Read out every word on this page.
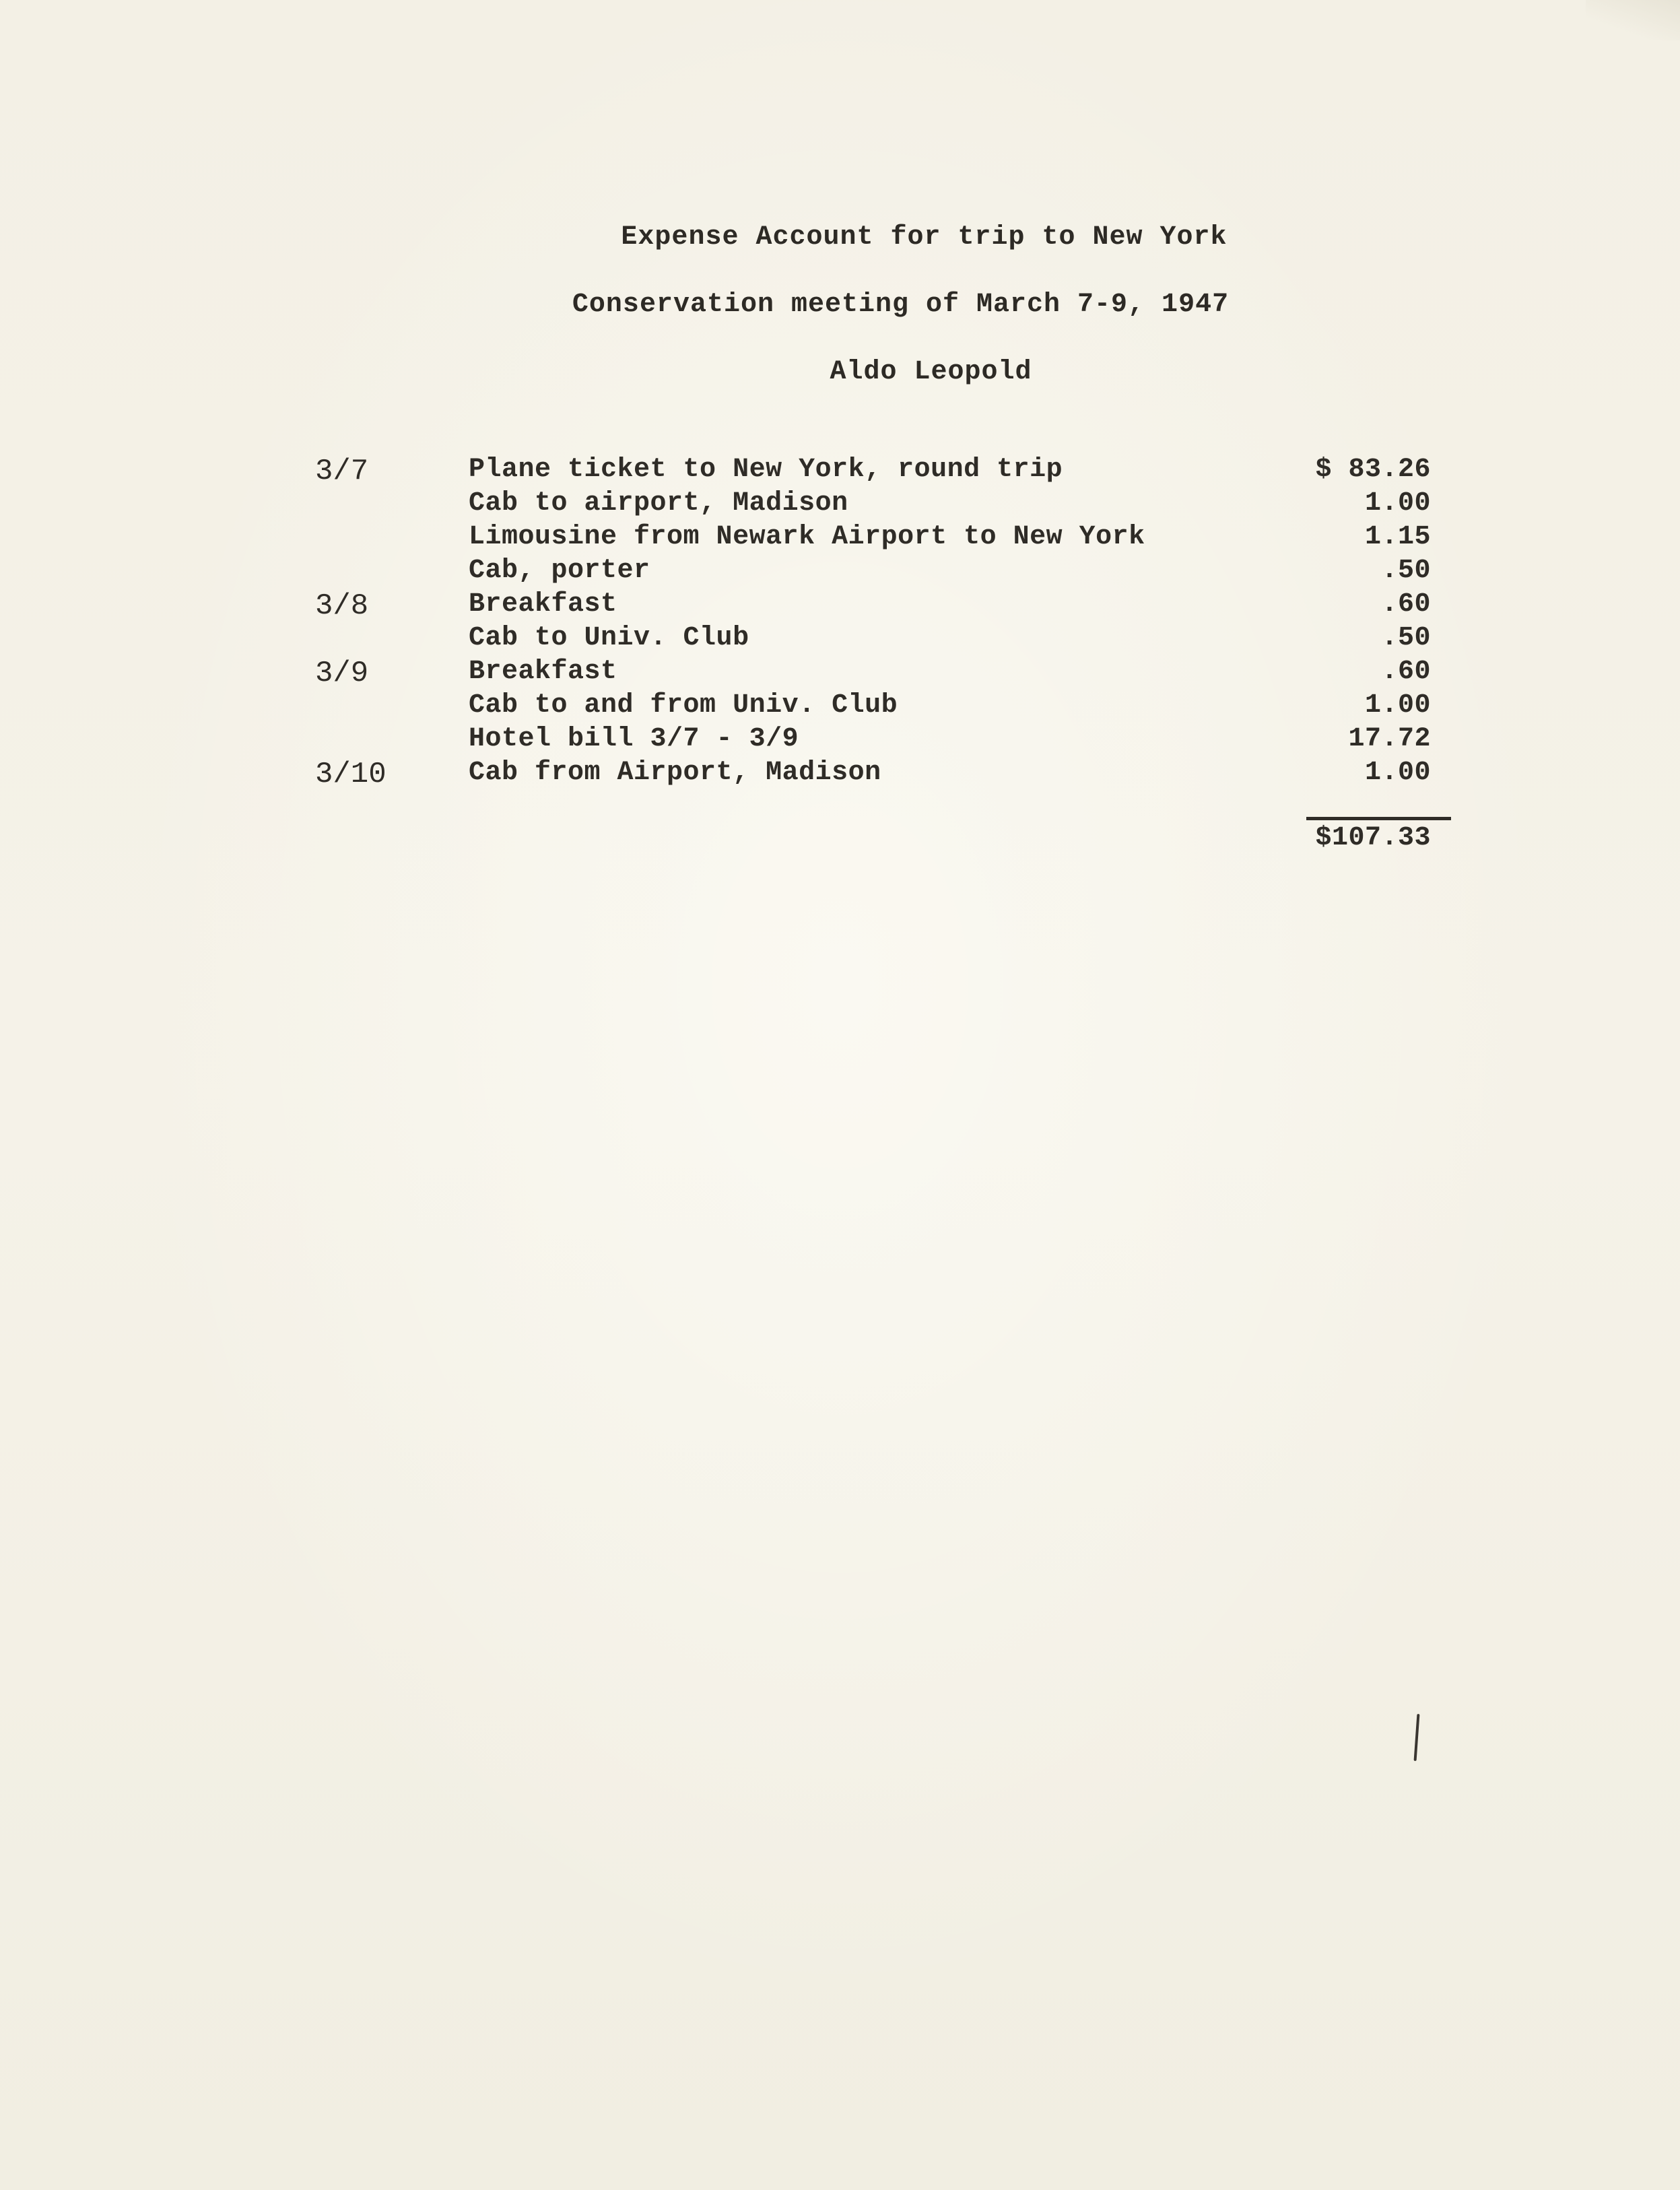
Expense Account for trip to New York
Conservation meeting of March 7-9, 1947
Aldo Leopold
3/7	Plane ticket to New York, round trip	$ 83.26
Cab to airport, Madison	1.00
Limousine from Newark Airport to New York	1.15
Cab, porter	.50
3/8	Breakfast	.60
Cab to Univ. Club	.50
3/9	Breakfast	.60
Cab to and from Univ. Club	1.00
Hotel bill 3/7 - 3/9	17.72
3/10	Cab from Airport, Madison	1.00
$107.33
